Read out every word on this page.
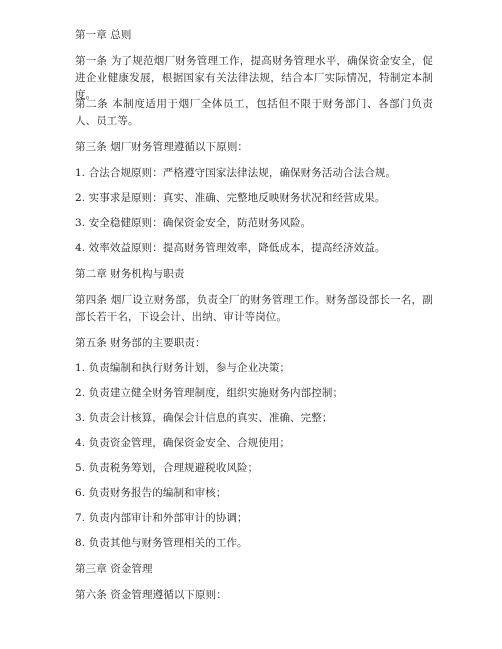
第一章 总则
第一条 为了规范烟厂财务管理工作，提高财务管理水平，确保资金安全，促进企业健康发展，根据国家有关法律法规，结合本厂实际情况，特制定本制度。
第二条 本制度适用于烟厂全体员工，包括但不限于财务部门、各部门负责人、员工等。
第三条 烟厂财务管理遵循以下原则：
1. 合法合规原则：严格遵守国家法律法规，确保财务活动合法合规。
2. 实事求是原则：真实、准确、完整地反映财务状况和经营成果。
3. 安全稳健原则：确保资金安全，防范财务风险。
4. 效率效益原则：提高财务管理效率，降低成本，提高经济效益。
第二章 财务机构与职责
第四条 烟厂设立财务部，负责全厂的财务管理工作。财务部设部长一名，副部长若干名，下设会计、出纳、审计等岗位。
第五条 财务部的主要职责：
1. 负责编制和执行财务计划，参与企业决策；
2. 负责建立健全财务管理制度，组织实施财务内部控制；
3. 负责会计核算，确保会计信息的真实、准确、完整；
4. 负责资金管理，确保资金安全、合规使用；
5. 负责税务筹划，合理规避税收风险；
6. 负责财务报告的编制和审核；
7. 负责内部审计和外部审计的协调；
8. 负责其他与财务管理相关的工作。
第三章 资金管理
第六条 资金管理遵循以下原则：
